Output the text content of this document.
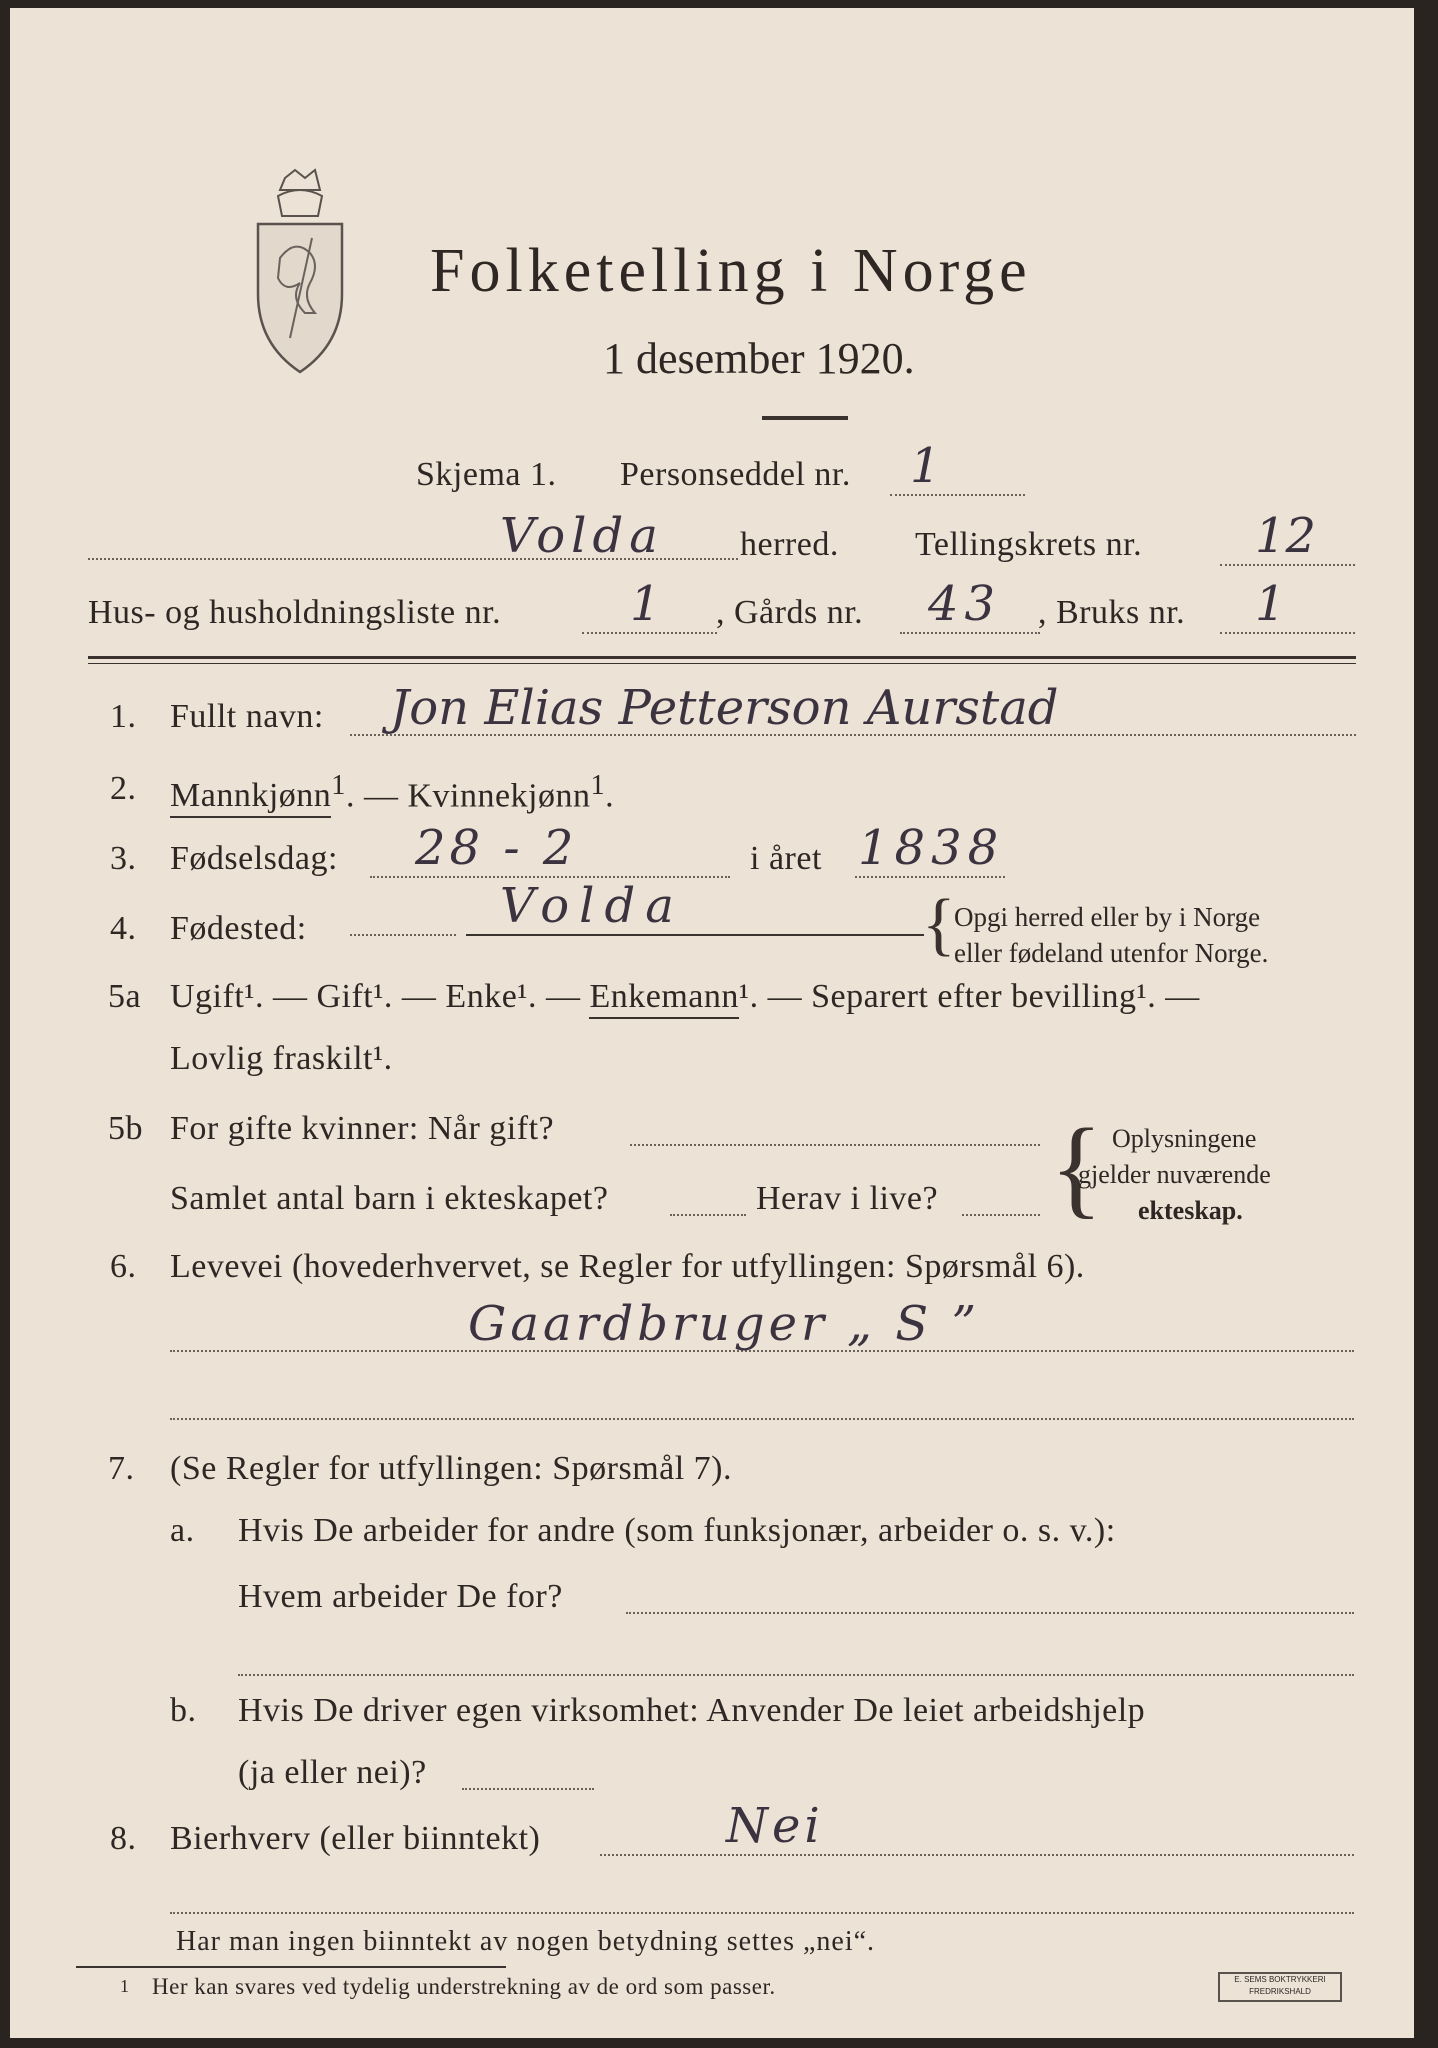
Folketelling i Norge
1 desember 1920.
Skjema 1. Personseddel nr. 1
Volda herred. Tellingskrets nr. 12
Hus- og husholdningsliste nr.	1 , Gårds nr. 43 , Bruks nr. 1
1. Fullt navn: Jon Elias Petterson Aurstad
2. Mannkjønn$^1$. — Kvinnekjønn$^1$.
3. Fødselsdag: 28 - 2	i året 1838
4. Fødested:	Volda	{
Opgi herred eller by i Norge
eller fødeland utenfor Norge.
5a Ugift¹. — Gift¹. — Enke¹. — Enkemann¹. — Separert efter bevilling¹. —
Lovlig fraskilt¹.
5b For gifte kvinner: Når gift?
Samlet antal barn i ekteskapet?	Herav i live? { Oplysningene
gjelder nuværende
ekteskap.
6. Levevei (hovederhvervet, se Regler for utfyllingen: Spørsmål 6).
Gaardbruger „ S ”
7. (Se Regler for utfyllingen: Spørsmål 7).
a. Hvis De arbeider for andre (som funksjonær, arbeider o. s. v.):
Hvem arbeider De for?
b. Hvis De driver egen virksomhet: Anvender De leiet arbeidshjelp
(ja eller nei)?
8. Bierhverv (eller biinntekt)	Nei
Har man ingen biinntekt av nogen betydning settes „nei“.
1 Her kan svares ved tydelig understrekning av de ord som passer.	E. SEMS BOKTRYKKERI FREDRIKSHALD
